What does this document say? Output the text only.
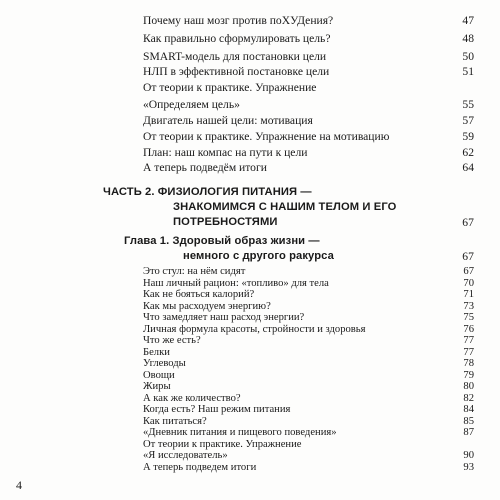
Почему наш мозг против поХУДения?	47
Как правильно сформулировать цель?	48
SMART-модель для постановки цели	50
НЛП в эффективной постановке цели	51
От теории к практике. Упражнение
«Определяем цель»	55
Двигатель нашей цели: мотивация	57
От теории к практике. Упражнение на мотивацию	59
План: наш компас на пути к цели	62
А теперь подведём итоги	64
ЧАСТЬ 2. ФИЗИОЛОГИЯ ПИТАНИЯ —
ЗНАКОМИМСЯ С НАШИМ ТЕЛОМ И ЕГО
ПОТРЕБНОСТЯМИ	67
Глава 1. Здоровый образ жизни —
немного с другого ракурса	67
Это стул: на нём сидят	67
Наш личный рацион: «топливо» для тела	70
Как не бояться калорий?	71
Как мы расходуем энергию?	73
Что замедляет наш расход энергии?	75
Личная формула красоты, стройности и здоровья	76
Что же есть?	77
Белки	77
Углеводы	78
Овощи	79
Жиры	80
А как же количество?	82
Когда есть? Наш режим питания	84
Как питаться?	85
«Дневник питания и пищевого поведения»	87
От теории к практике. Упражнение
4
«Я исследователь»	90
А теперь подведем итоги	93
